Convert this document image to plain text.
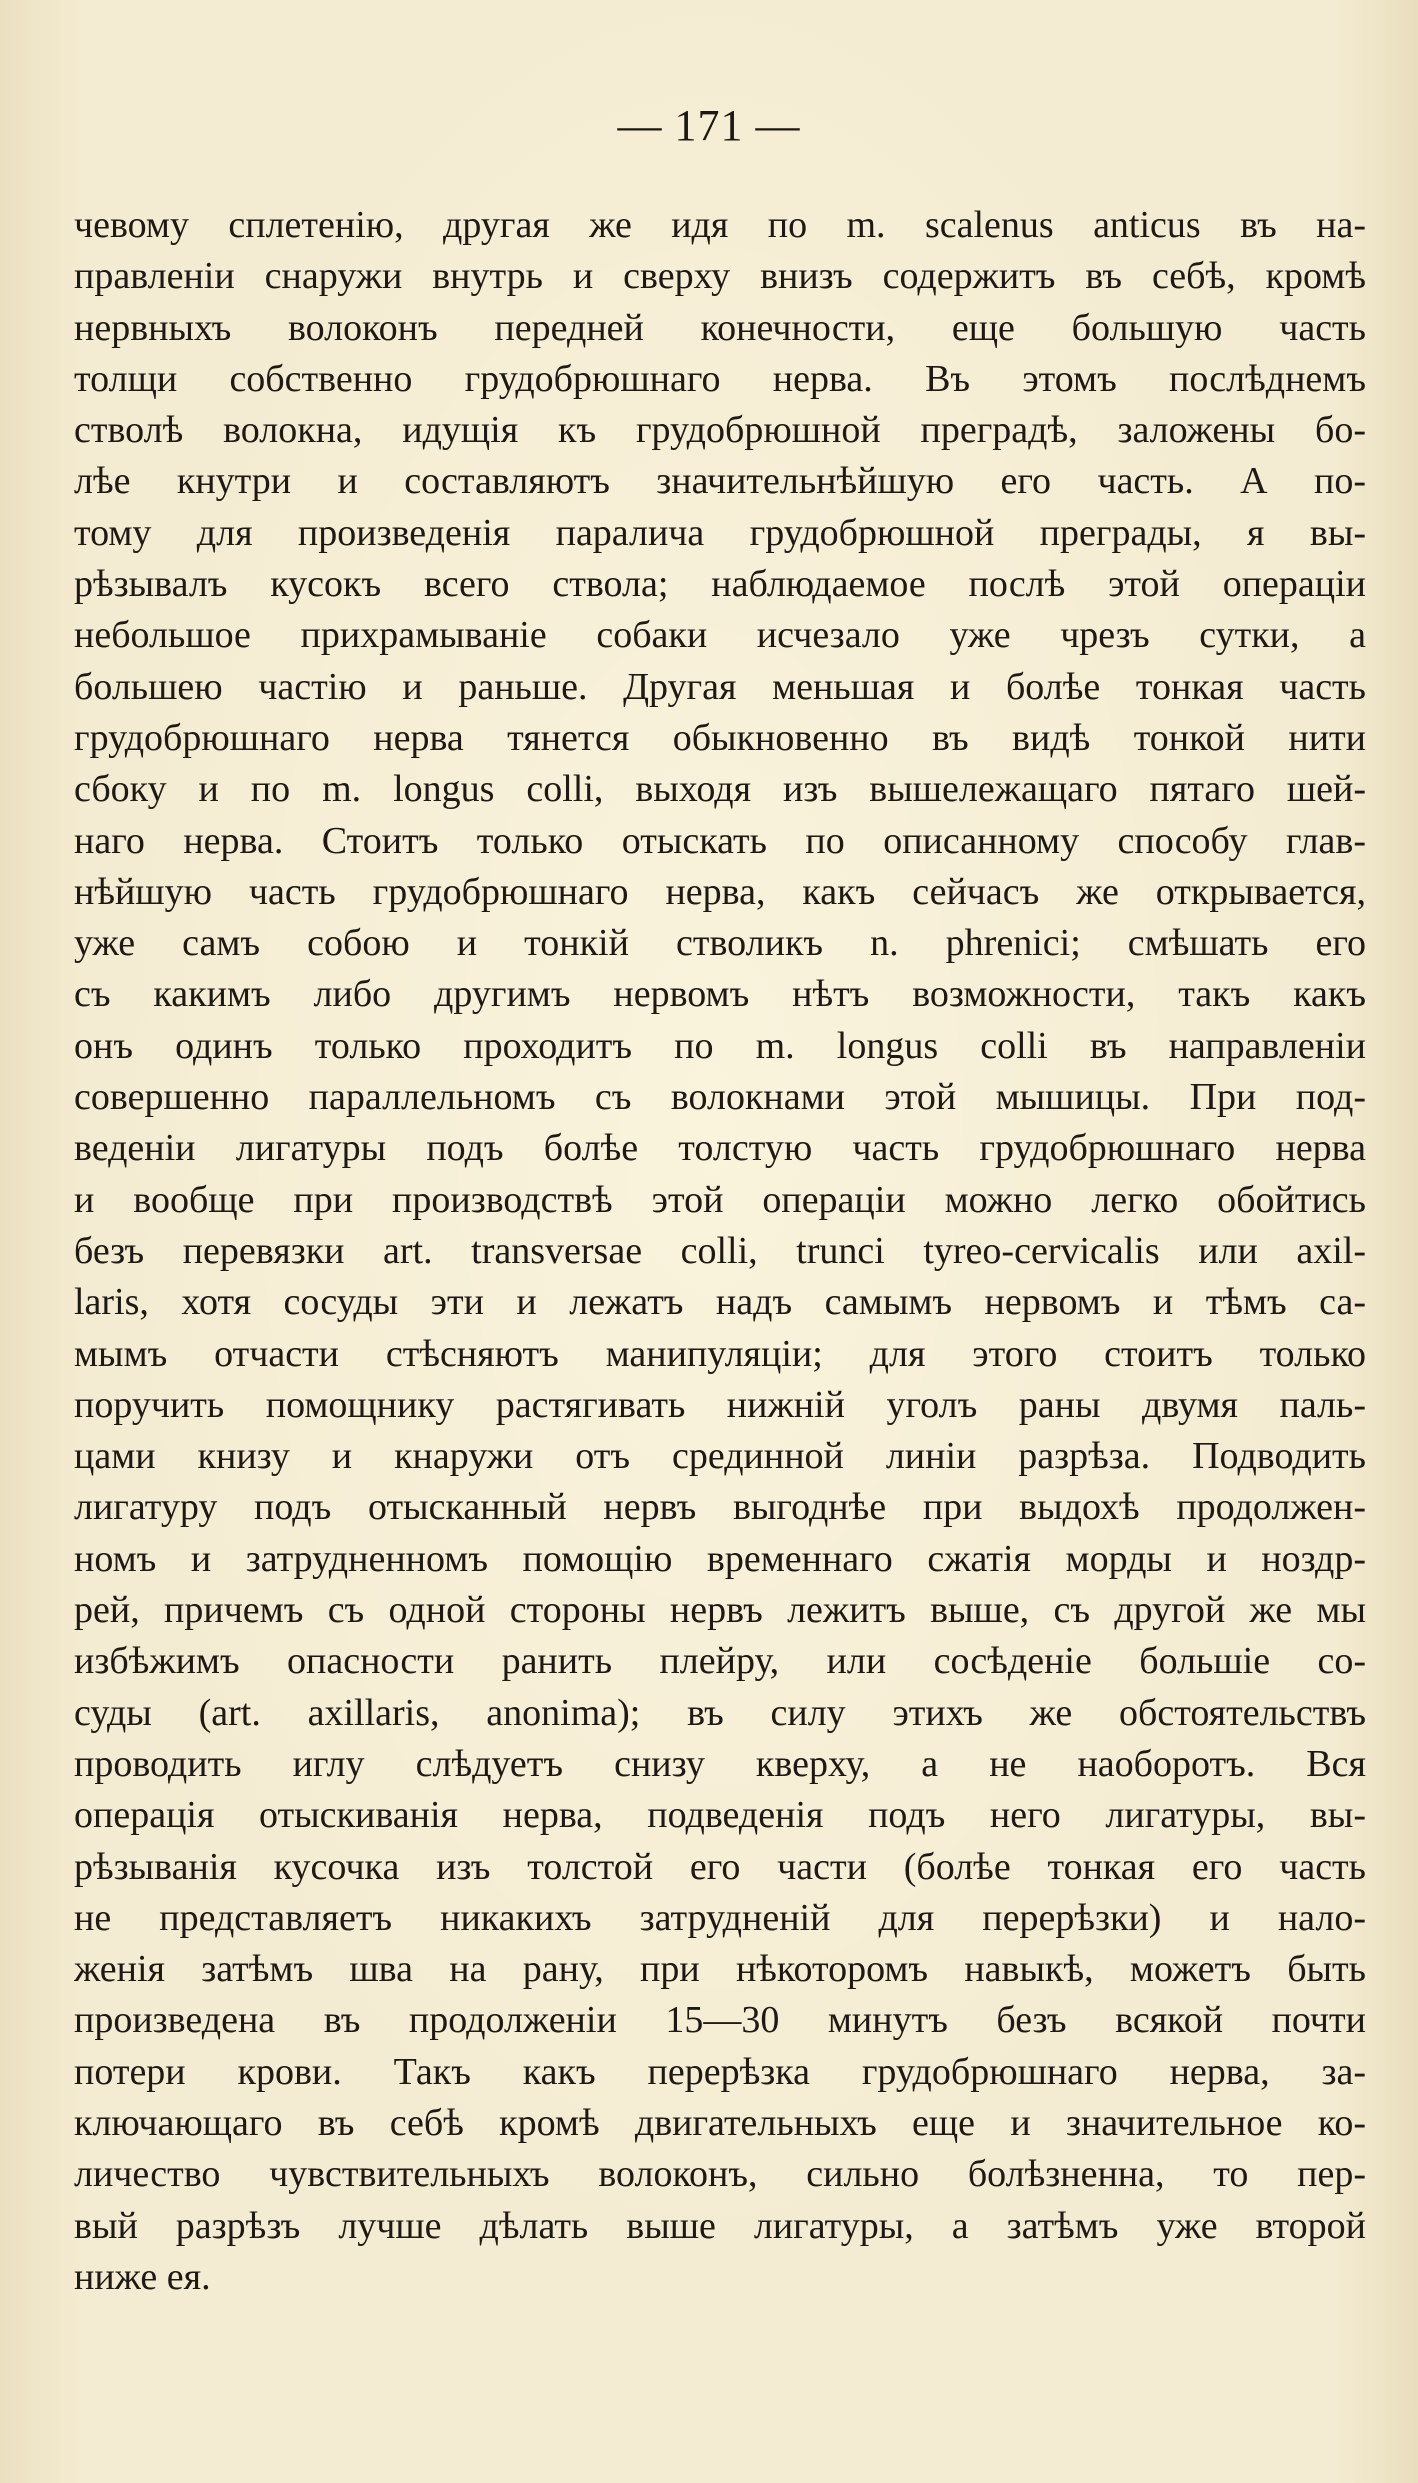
— 171 —
чевому сплетенію, другая же идя по m. scalenus anticus въ на-
правленіи снаружи внутрь и сверху внизъ содержитъ въ себѣ, кромѣ
нервныхъ волоконъ передней конечности, еще большую часть
толщи собственно грудобрюшнаго нерва. Въ этомъ послѣднемъ
стволѣ волокна, идущія къ грудобрюшной преградѣ, заложены бо-
лѣе кнутри и составляютъ значительнѣйшую его часть. А по-
тому для произведенія паралича грудобрюшной преграды, я вы-
рѣзывалъ кусокъ всего ствола; наблюдаемое послѣ этой операціи
небольшое прихрамываніе собаки исчезало уже чрезъ сутки, а
большею частію и раньше. Другая меньшая и болѣе тонкая часть
грудобрюшнаго нерва тянется обыкновенно въ видѣ тонкой нити
сбоку и по m. longus colli, выходя изъ вышележащаго пятаго шей-
наго нерва. Стоитъ только отыскать по описанному способу глав-
нѣйшую часть грудобрюшнаго нерва, какъ сейчасъ же открывается,
уже самъ собою и тонкій стволикъ n. phrenici; смѣшать его
съ какимъ либо другимъ нервомъ нѣтъ возможности, такъ какъ
онъ одинъ только проходитъ по m. longus colli въ направленіи
совершенно параллельномъ съ волокнами этой мышицы. При под-
веденіи лигатуры подъ болѣе толстую часть грудобрюшнаго нерва
и вообще при производствѣ этой операціи можно легко обойтись
безъ перевязки art. transversae colli, trunci tyreo-cervicalis или axil-
laris, хотя сосуды эти и лежатъ надъ самымъ нервомъ и тѣмъ са-
мымъ отчасти стѣсняютъ манипуляціи; для этого стоитъ только
поручить помощнику растягивать нижній уголъ раны двумя паль-
цами книзу и кнаружи отъ срединной линіи разрѣза. Подводить
лигатуру подъ отысканный нервъ выгоднѣе при выдохѣ продолжен-
номъ и затрудненномъ помощію временнаго сжатія морды и ноздр-
рей, причемъ съ одной стороны нервъ лежитъ выше, съ другой же мы
избѣжимъ опасности ранить плейру, или сосѣденіе большіе со-
суды (art. axillaris, anonima); въ силу этихъ же обстоятельствъ
проводить иглу слѣдуетъ снизу кверху, а не наоборотъ. Вся
операція отыскиванія нерва, подведенія подъ него лигатуры, вы-
рѣзыванія кусочка изъ толстой его части (болѣе тонкая его часть
не представляетъ никакихъ затрудненій для перерѣзки) и нало-
женія затѣмъ шва на рану, при нѣкоторомъ навыкѣ, можетъ быть
произведена въ продолженіи 15—30 минутъ безъ всякой почти
потери крови. Такъ какъ перерѣзка грудобрюшнаго нерва, за-
ключающаго въ себѣ кромѣ двигательныхъ еще и значительное ко-
личество чувствительныхъ волоконъ, сильно болѣзненна, то пер-
вый разрѣзъ лучше дѣлать выше лигатуры, а затѣмъ уже второй
ниже ея.
